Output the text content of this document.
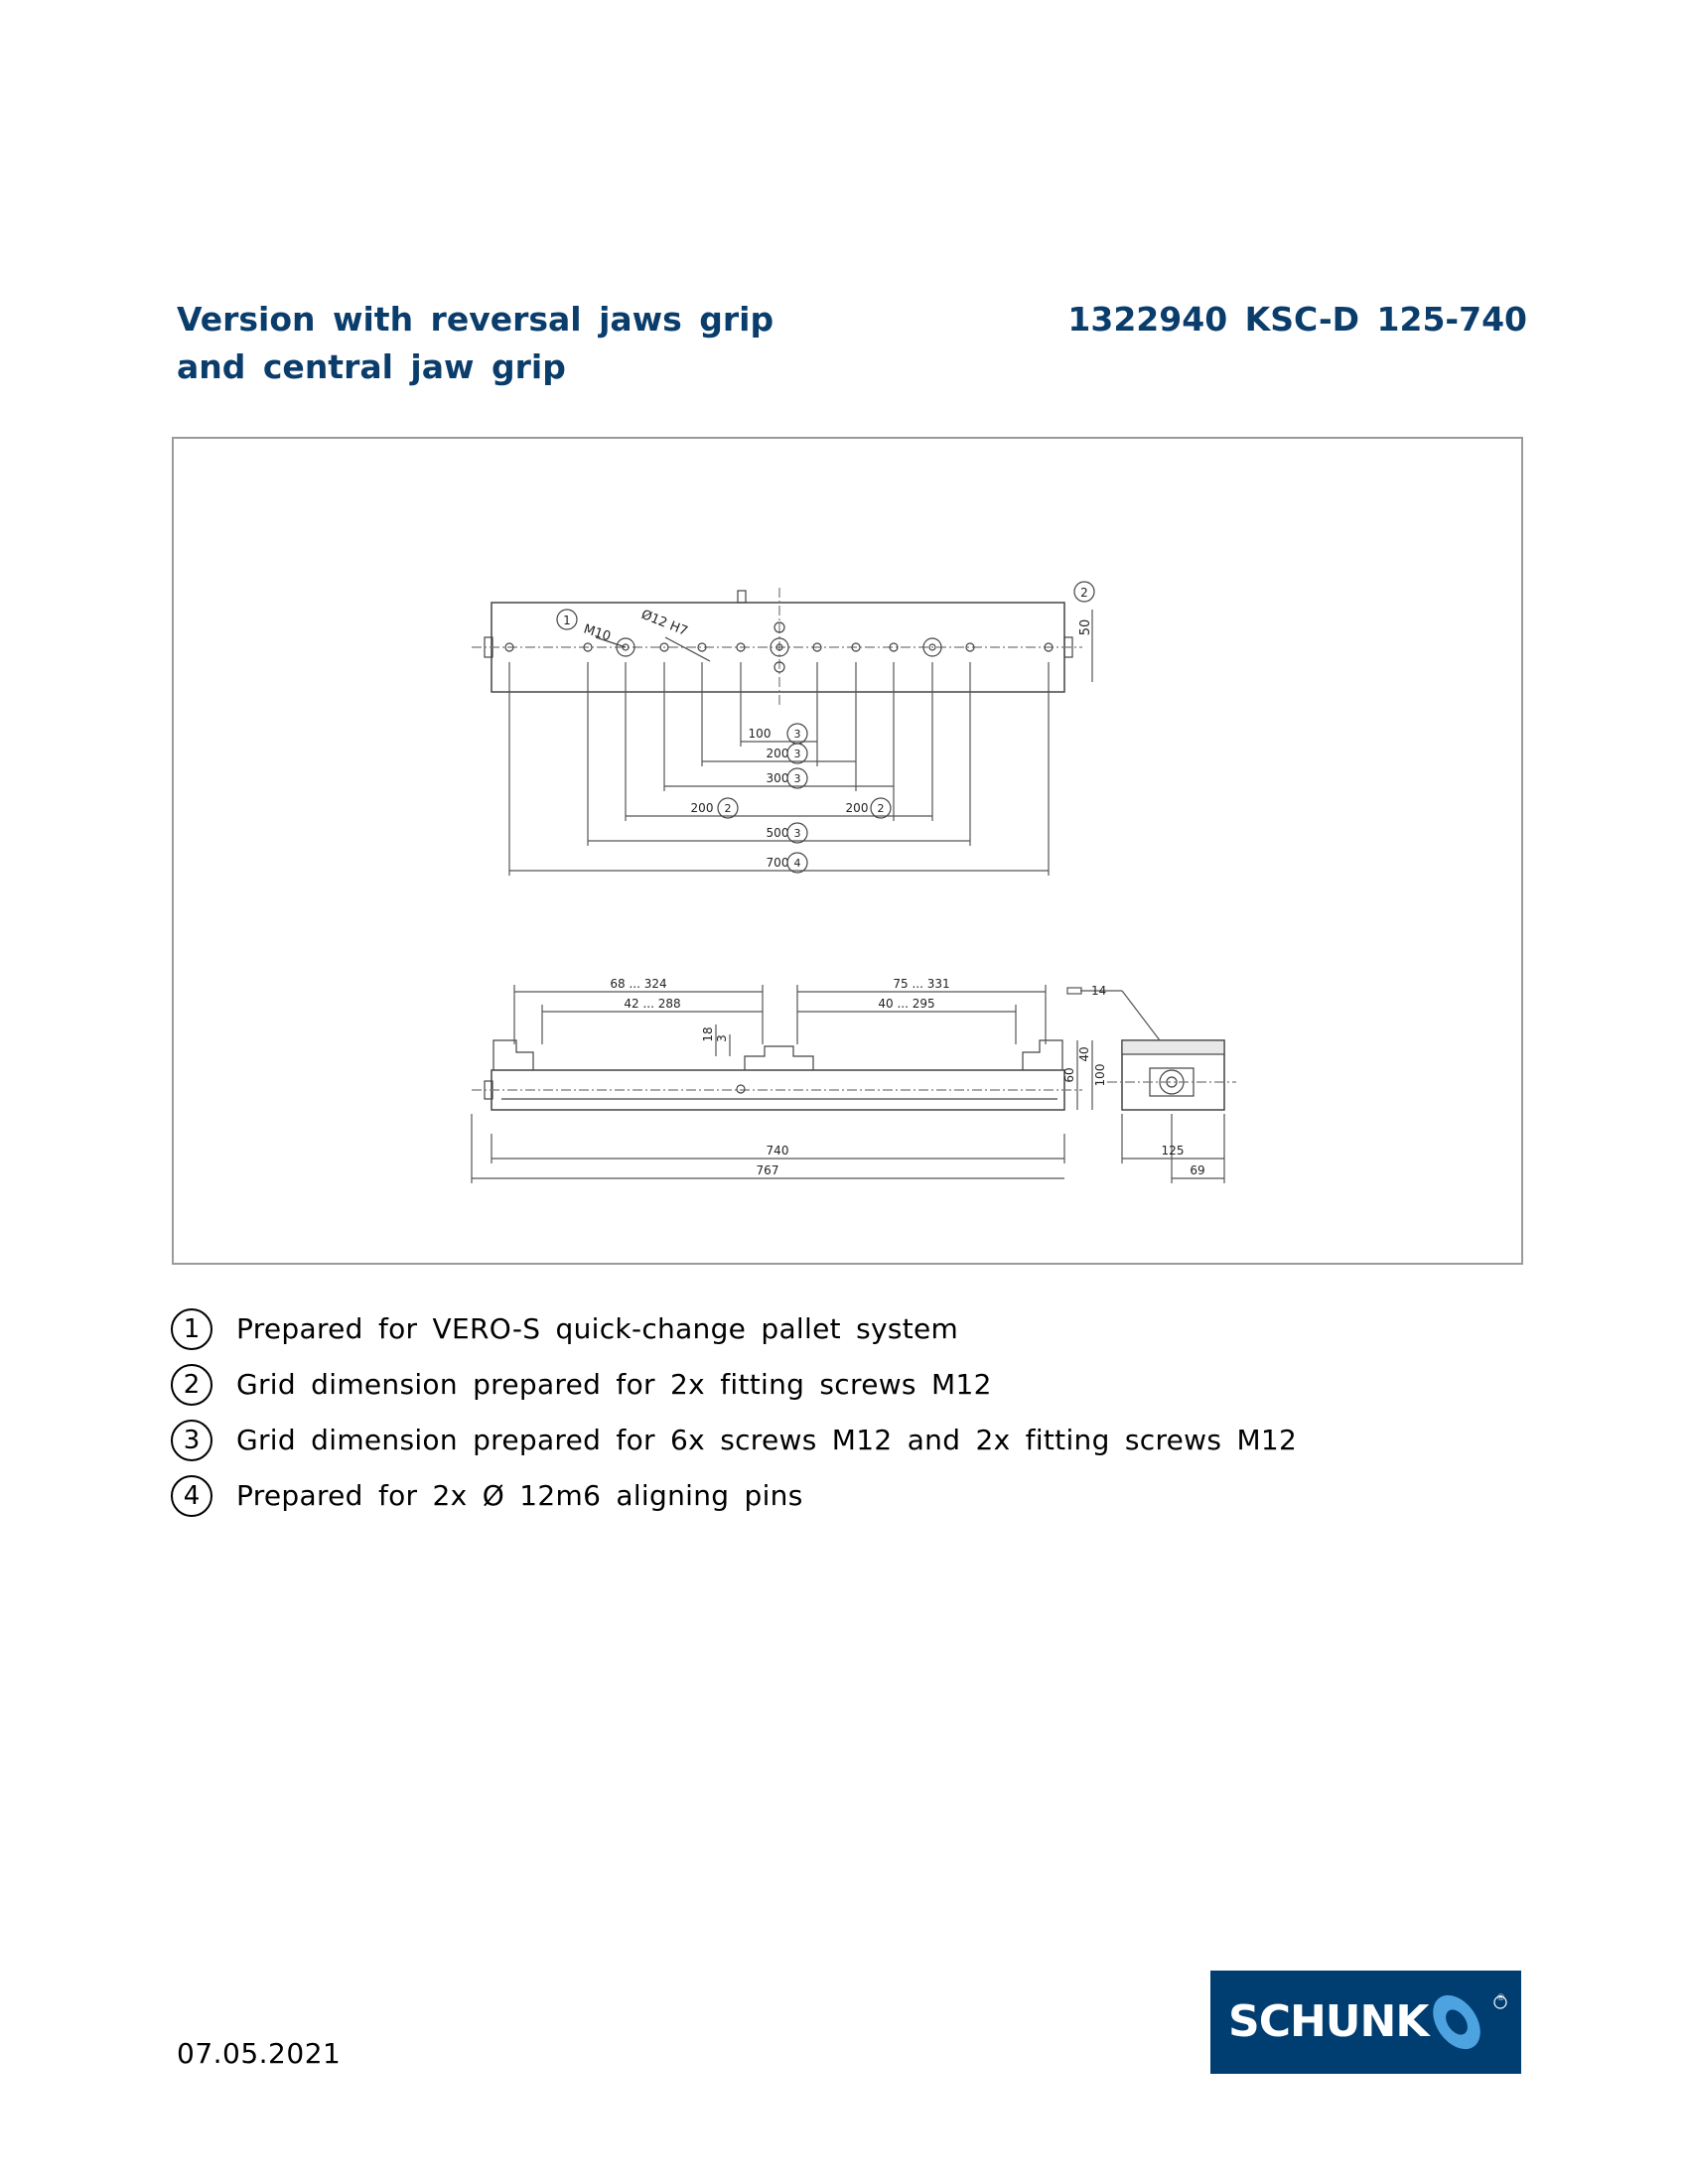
Version with reversal jaws grip
and central jaw grip
1322940 KSC-D 125-740
1
M10 Ø12 H7
2
50
100
200
300
200	200
500
700
3
3
3
2	2
3
4
68 ... 324
42 ... 288
75 ... 331
40 ... 295
18 3
740
767
60
40
100
14
125
69
1	Prepared for VERO-S quick-change pallet system
2	Grid dimension prepared for 2x fitting screws M12
3	Grid dimension prepared for 6x screws M12 and 2x fitting screws M12
4	Prepared for 2x Ø 12m6 aligning pins
07.05.2021
SCHUNK	®
